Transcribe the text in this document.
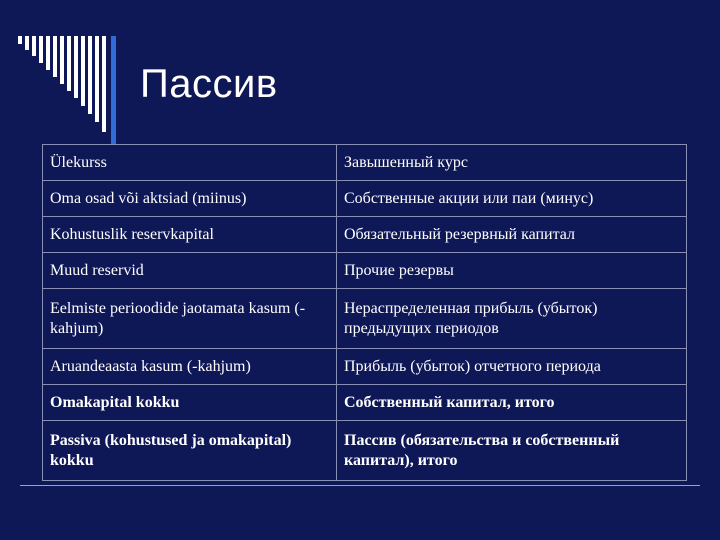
Пассив
Ülekurss	Завышенный курс
Oma osad või aktsiad (miinus)	Собственные акции или паи (минус)
Kohustuslik reservkapital	Обязательный резервный капитал
Muud reservid	Прочие резервы
Eelmiste perioodide jaotamata kasum (-kahjum)	Нераспределенная прибыль (убыток) предыдущих периодов
Aruandeaasta kasum (-kahjum)	Прибыль (убыток) отчетного периода
Omakapital kokku	Собственный капитал, итого
Passiva (kohustused ja omakapital) kokku	Пассив (обязательства и собственный капитал), итого
